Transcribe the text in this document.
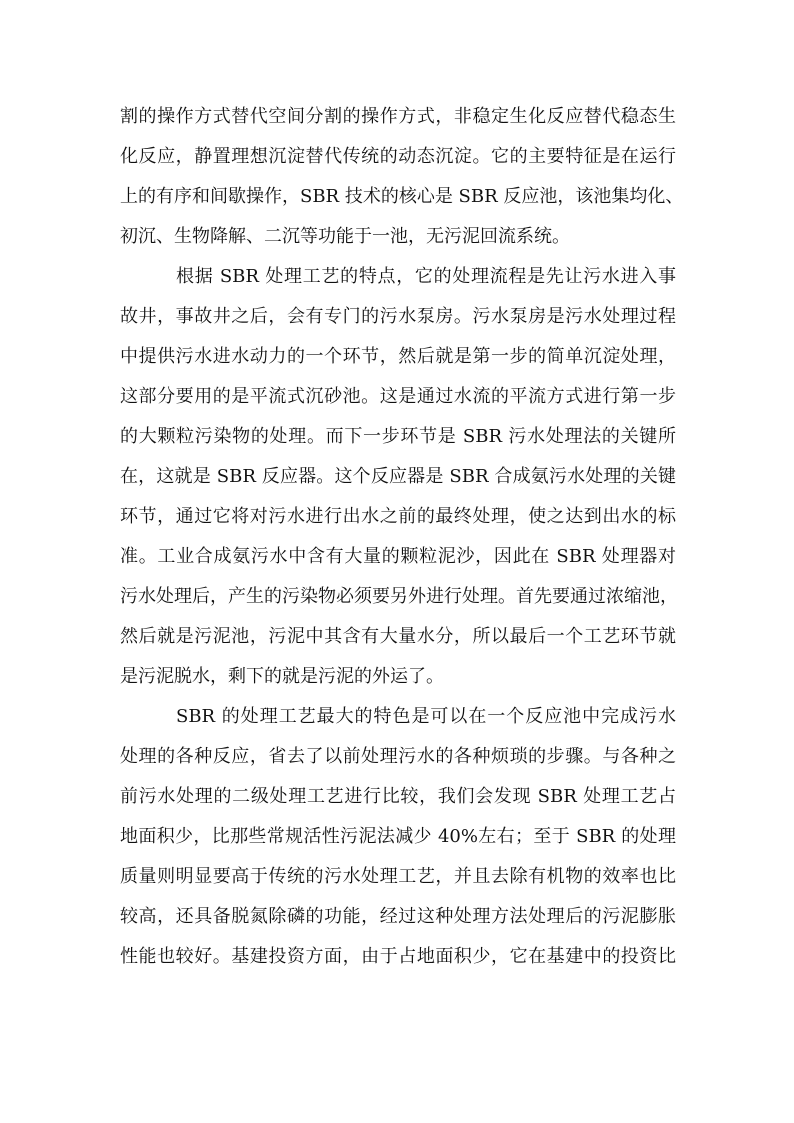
割的操作方式替代空间分割的操作方式，非稳定生化反应替代稳态生
化反应，静置理想沉淀替代传统的动态沉淀。它的主要特征是在运行
上的有序和间歇操作，SBR 技术的核心是 SBR 反应池，该池集均化、
初沉、生物降解、二沉等功能于一池，无污泥回流系统。
根据 SBR 处理工艺的特点，它的处理流程是先让污水进入事
故井，事故井之后，会有专门的污水泵房。污水泵房是污水处理过程
中提供污水进水动力的一个环节，然后就是第一步的简单沉淀处理，
这部分要用的是平流式沉砂池。这是通过水流的平流方式进行第一步
的大颗粒污染物的处理。而下一步环节是 SBR 污水处理法的关键所
在，这就是 SBR 反应器。这个反应器是 SBR 合成氨污水处理的关键
环节，通过它将对污水进行出水之前的最终处理，使之达到出水的标
准。工业合成氨污水中含有大量的颗粒泥沙，因此在 SBR 处理器对
污水处理后，产生的污染物必须要另外进行处理。首先要通过浓缩池，
然后就是污泥池，污泥中其含有大量水分，所以最后一个工艺环节就
是污泥脱水，剩下的就是污泥的外运了。
SBR 的处理工艺最大的特色是可以在一个反应池中完成污水
处理的各种反应，省去了以前处理污水的各种烦琐的步骤。与各种之
前污水处理的二级处理工艺进行比较，我们会发现 SBR 处理工艺占
地面积少，比那些常规活性污泥法减少 40%左右；至于 SBR 的处理
质量则明显要高于传统的污水处理工艺，并且去除有机物的效率也比
较高，还具备脱氮除磷的功能，经过这种处理方法处理后的污泥膨胀
性能也较好。基建投资方面，由于占地面积少，它在基建中的投资比
